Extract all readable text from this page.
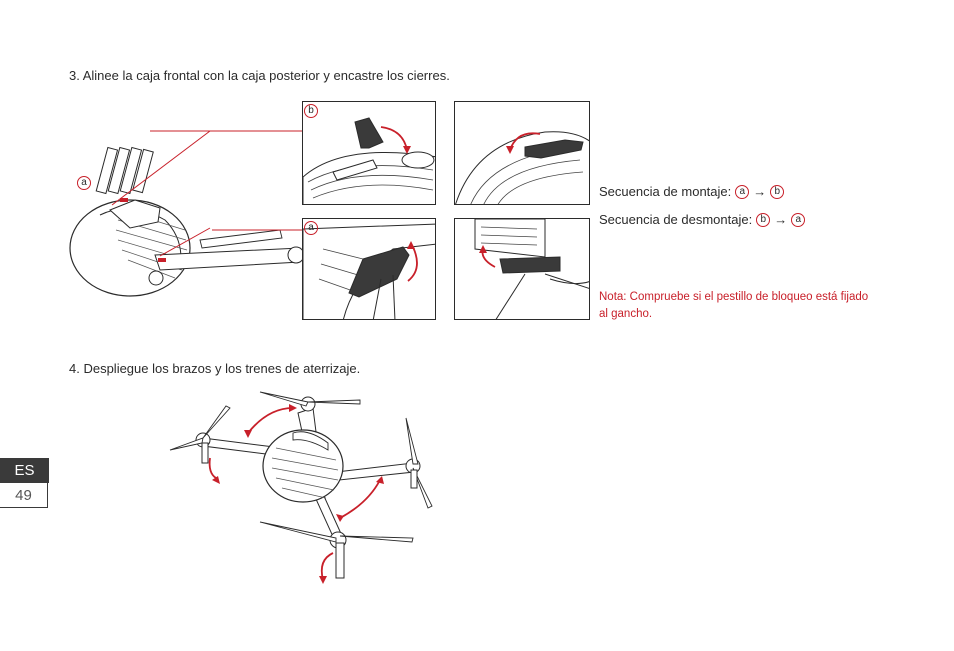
3. Alinee la caja frontal con la caja posterior y encastre los cierres.
a
b
a
Secuencia de montaje: a → b
Secuencia de desmontaje: b → a
Nota: Compruebe si el pestillo de bloqueo está fijado al gancho.
4. Despliegue los brazos y los trenes de aterrizaje.
ES
49
